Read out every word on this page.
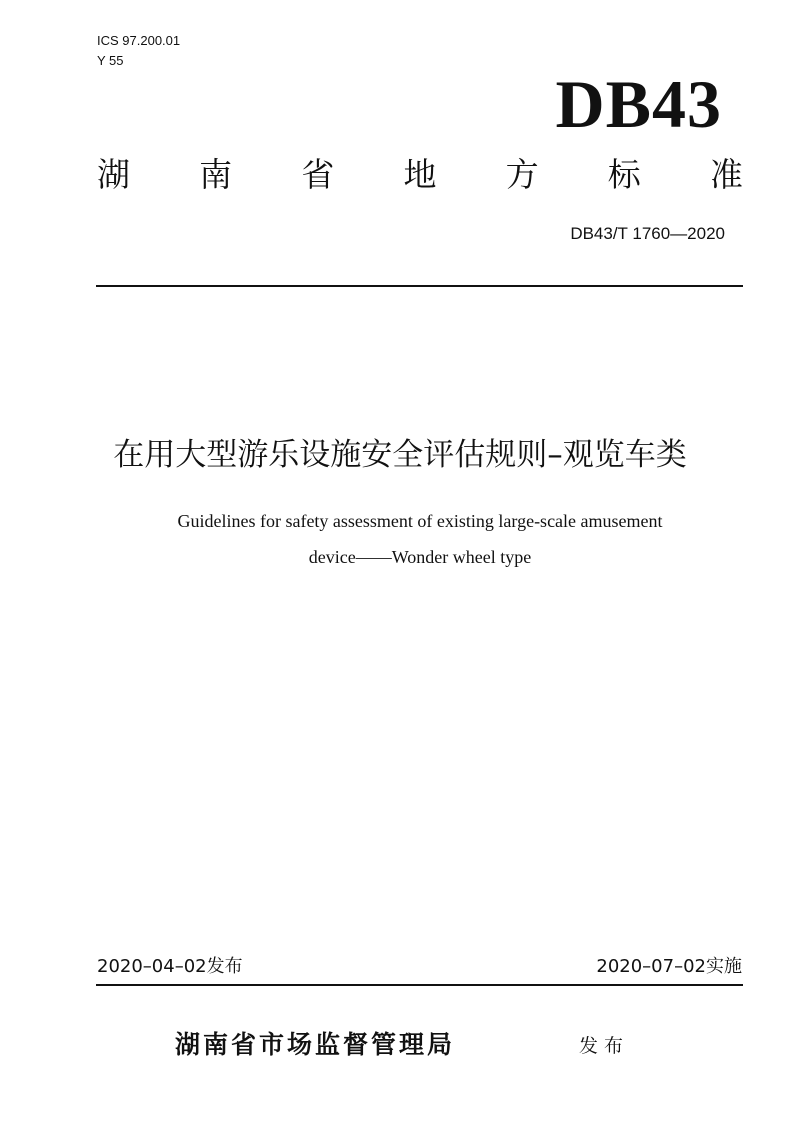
ICS 97.200.01
Y 55
DB43
湖 南 省 地 方 标 准
DB43/T 1760—2020
在用大型游乐设施安全评估规则–观览车类
Guidelines for safety assessment of existing large-scale amusement
device——Wonder wheel type
2020–04–02发布	2020–07–02实施
湖南省市场监督管理局	发布
